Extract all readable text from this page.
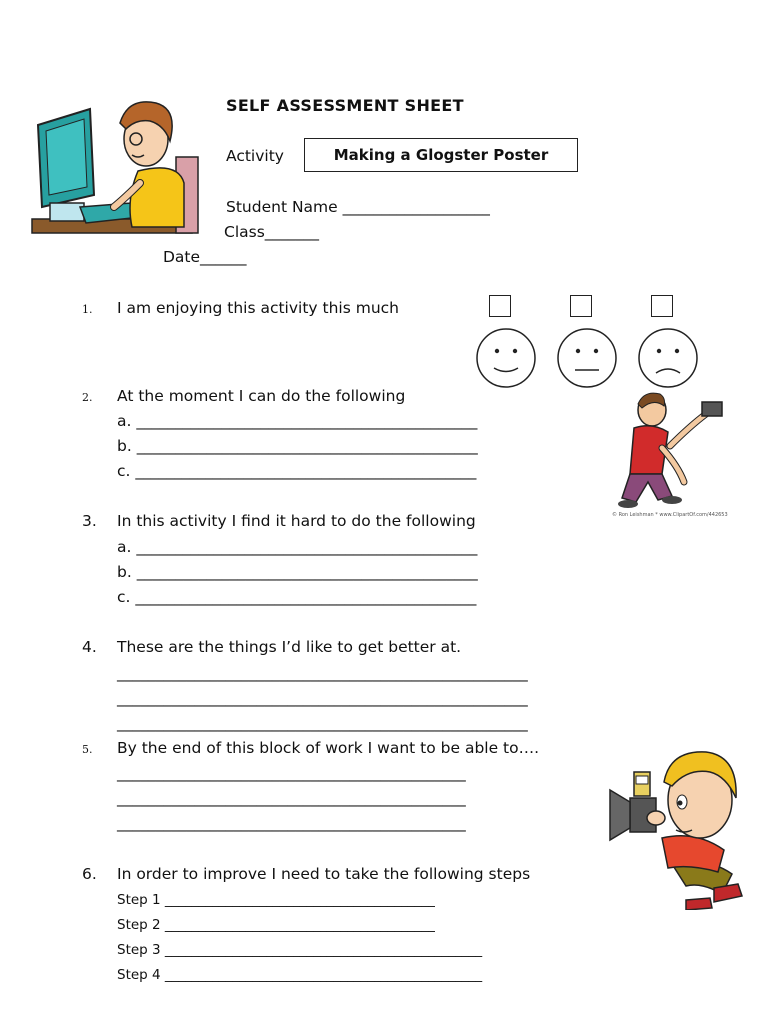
SELF ASSESSMENT SHEET
Activity	Making a Glogster Poster
Student Name ___________________
Class_______
Date______
1. I am enjoying this activity this much
2. At the moment I can do the following
a. ____________________________________________
b. ____________________________________________
c. ____________________________________________
© Ron Leishman * www.ClipartOf.com/442653
3. In this activity I find it hard to do the following
a. ____________________________________________
b. ____________________________________________
c. ____________________________________________
4. These are the things I’d like to get better at.
_____________________________________________________
_____________________________________________________
_____________________________________________________
5. By the end of this block of work I want to be able to….
_____________________________________________
_____________________________________________
_____________________________________________
6. In order to improve I need to take the following steps
Step 1 ________________________________________
Step 2 ________________________________________
Step 3 _______________________________________________
Step 4 _______________________________________________
